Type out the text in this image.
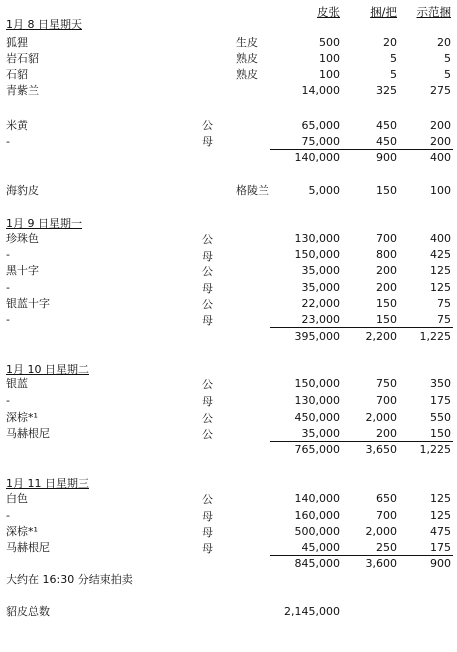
皮张	捆/把 示范捆
1月 8 日星期天
狐狸	生皮	500	20	20
岩石貂	熟皮	100	5	5
石貂	熟皮	100	5	5
青紫兰	14,000	325	275
米黄	公	65,000	450	200
-	母	75,000	450	200
140,000	900	400
海豹皮	格陵兰	5,000	150	100
1月 9 日星期一
珍珠色	公	130,000	700	400
-	母	150,000	800	425
黑十字	公	35,000	200	125
-	母	35,000	200	125
银蓝十字	公	22,000	150	75
-	母	23,000	150	75
395,000 2,200 1,225
1月 10 日星期二
银蓝	公	150,000	750	350
-	母	130,000	700	175
深棕*¹	公	450,000 2,000	550
马赫根尼	公	35,000	200	150
765,000 3,650 1,225
1月 11 日星期三
白色	公	140,000	650	125
-	母	160,000	700	125
深棕*¹	母	500,000 2,000	475
马赫根尼	母	45,000	250	175
845,000 3,600	900
大约在 16:30 分结束拍卖
貂皮总数	2,145,000
